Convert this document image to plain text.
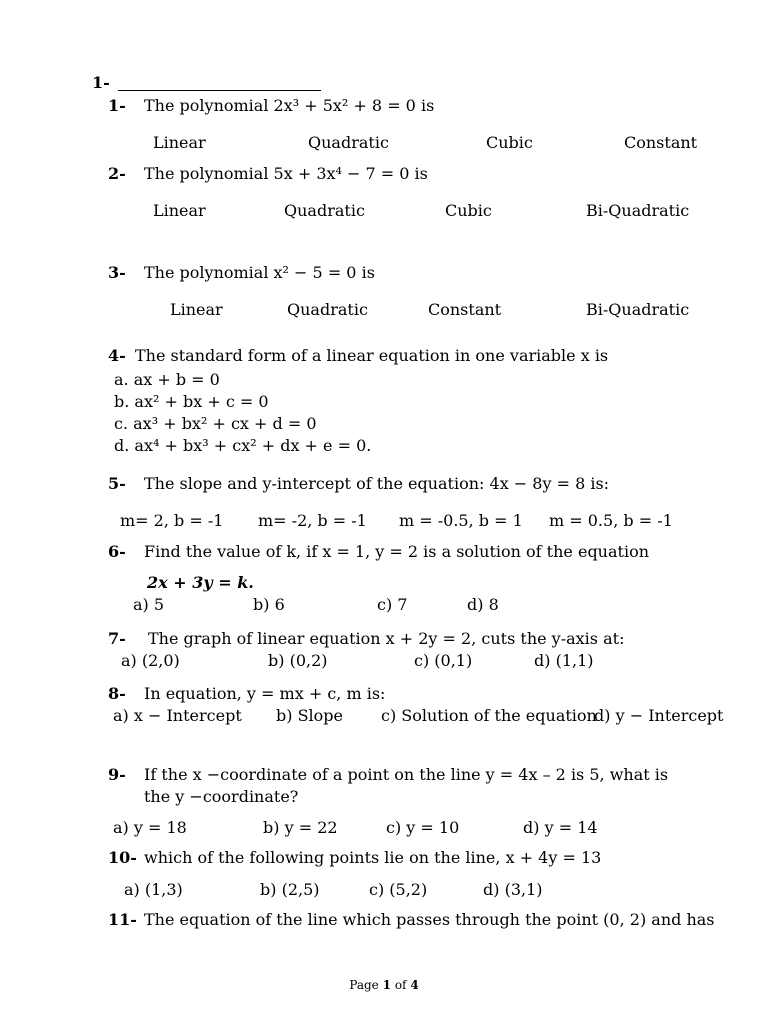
1-
1- The polynomial 2x³ + 5x² + 8 = 0 is
Linear	Quadratic	Cubic	Constant
2- The polynomial 5x + 3x⁴ − 7 = 0 is
Linear	Quadratic	Cubic	Bi-Quadratic
3- The polynomial x² − 5 = 0 is
Linear	Quadratic	Constant	Bi-Quadratic
4- The standard form of a linear equation in one variable x is
a. ax + b = 0
b. ax² + bx + c = 0
c. ax³ + bx² + cx + d = 0
d. ax⁴ + bx³ + cx² + dx + e = 0.
5- The slope and y-intercept of the equation: 4x − 8y = 8 is:
m= 2, b = -1 m= -2, b = -1 m = -0.5, b = 1 m = 0.5, b = -1
6- Find the value of k, if x = 1, y = 2 is a solution of the equation
2x + 3y = k.
a) 5	b) 6	c) 7	d) 8
7- The graph of linear equation x + 2y = 2, cuts the y-axis at:
a) (2,0)	b) (0,2)	c) (0,1)	d) (1,1)
8- In equation, y = mx + c, m is:
a) x − Intercept b) Slope c) Solution of the equation
d) y − Intercept
9- If the x −coordinate of a point on the line y = 4x – 2 is 5, what is
the y −coordinate?
a) y = 18	b) y = 22	c) y = 10	d) y = 14
10- which of the following points lie on the line, x + 4y = 13
a) (1,3)	b) (2,5)	c) (5,2)	d) (3,1)
11- The equation of the line which passes through the point (0, 2) and has
Page 1 of 4
